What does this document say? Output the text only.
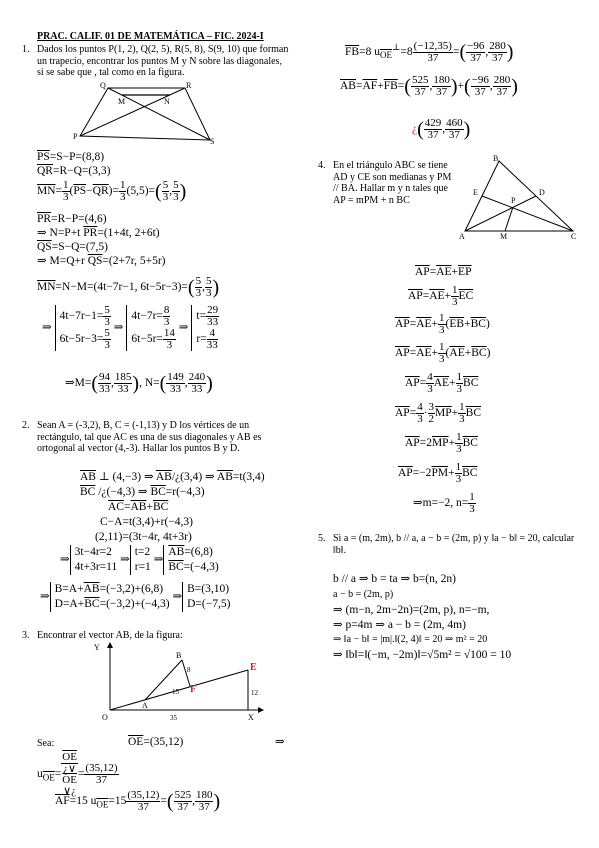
PRAC. CALIF. 01 DE MATEMÁTICA – FIC. 2024-I
1. Dados los puntos P(1, 2), Q(2, 5), R(5, 8), S(9, 10) que forman un trapecio, encontrar los puntos M y N sobre las diagonales, si se sabe que , tal como en la figura.
Q	R
M	N
P
S
$\overline{PS}=S-P=(8,8)$
$\overline{QR}=R-Q=(3,3)$
$\overline{MN}= \frac{1}{3} (\overline{PS}-\overline{QR})= \frac{1}{3} (5,5)=( \frac{5}{3}$ , $\frac{5}{3}$ )
$\overline{PR}=R-P=(4,6)$
⇒ N=P+t $\overline{PR}=(1+4t$, 2+6t)
$\overline{QS}=S-Q=(7,5)$
⇒ M=Q+r $\overline{QS}=(2+7r$, 5+5r)
$\overline{MN}=N-M=(4t-7r-1$, $6t-5r-3)=( \frac{5}{3}$ , $\frac{5}{3}$ )
⇒4t−7r−1= $\frac{5}{3}$

$6t-5r-3= \frac{5}{3}$
⇒4t−7r= $\frac{8}{3}$

$6t-5r= \frac{14}{3}$
⇒t= $\frac{29}{33}$

$r= \frac{4}{33}$
⇒M=( $\frac{94}{33}$ , $\frac{185}{33}$ ), $N=( \frac{149}{33}$ , $\frac{240}{33}$ )
2. Sean A = (-3,2), B, C = (-1,13) y D los vértices de un rectángulo, tal que AC es una de sus diagonales y AB es ortogonal al vector (4,-3). Hallar los puntos B y D.
$\overline{AB}$ ⊥ (4,−3) ⇒ $\overline{AB}/¿(3,4)$ ⇒ $\overline{AB}=t(3,4)$
$\overline{BC}$ /¿(−4,3) ⇒ $\overline{BC}=r(-4,3)$
$\overline{AC}=\overline{AB}+\overline{BC}$
C−A=t(3,4)+r(−4,3)
(2,11)=(3t−4r, 4t+3r)
⇒3t−4r=2
4t+3r=11 ⇒t=2
r=1 $\Rightarrow\overline{AB}=(6,8)$
$\overline{BC}=(-4,3)$
$\Rightarrow B=A+\overline{AB}=(-3,2)+(6,8)$
$D=A+\overline{BC}=(-3,2)+(-4,3)$ ⇒B=(3,10)
D=(−7,5)
3. Encontrar el vector AB, de la figura:
Y
X
O
A
B
E
F
8
15	12
35
Sea:	$\overline{OE}=(35,12)$	⇒
$u_{\overline{OE}}= \overline{OE}$
¿∨
$\overline{OE}$
∨¿ = $\frac{(35,12)}{37}$
$\overline{AF}=15$ $u_{\overline{OE}}=15 \frac{(35,12)}{37}$ =( $\frac{525}{37}$ , $\frac{180}{37}$ )
$\overline{FB}=8$ $u_{\overline{OE}}^\perp=8 \frac{(-12,35)}{37}$ =( $\frac{-96}{37}$ , $\frac{280}{37}$ )
$\overline{AB}=\overline{AF}+\overline{FB}=( \frac{525}{37}$ , $\frac{180}{37}$ )+( $\frac{-96}{37}$ , $\frac{280}{37}$ )
¿( $\frac{429}{37}$ , $\frac{460}{37}$ )
4. En el triángulo ABC se tiene AD y CE son medianas y PM // BA. Hallar m y n tales que AP = mPM + n BC
A
B
C
D
E
P
M
$\overline{AP}=\overline{AE}+\overline{EP}$
$\overline{AP}=\overline{AE}+ \frac{1}{3} \overline{EC}$
$\overline{AP}=\overline{AE}+ \frac{1}{3} (\overline{EB}+\overline{BC})$
$\overline{AP}=\overline{AE}+ \frac{1}{3} (\overline{AE}+\overline{BC})$
$\overline{AP}= \frac{4}{3} \overline{AE}+ \frac{1}{3} \overline{BC}$
$\overline{AP}= \frac{4}{3} \cdot \frac{3}{2} \overline{MP}+ \frac{1}{3} \overline{BC}$
$\overline{AP}=2\overline{MP}+ \frac{1}{3} \overline{BC}$
$\overline{AP}=-2\overline{PM}+ \frac{1}{3} \overline{BC}$
⇒m=−2, $n= \frac{1}{3}$
5. Si a = (m, 2m), b // a, a − b = (2m, p) y ‖a − b‖ = 20, calcular ‖b‖.
b // a ⇒ b = ta ⇒ b=(n, 2n)
a − b = (2m, p)
⇒ (m−n, 2m−2n)=(2m, p), n=−m,
⇒ p=4m ⇒ a − b = (2m, 4m)
⇒ ‖a − b‖ = |m|.‖(2, 4)‖ = 20 ⇒ m² = 20
⇒ ‖b‖=‖(−m, −2m)‖=√5m² = √100 = 10
